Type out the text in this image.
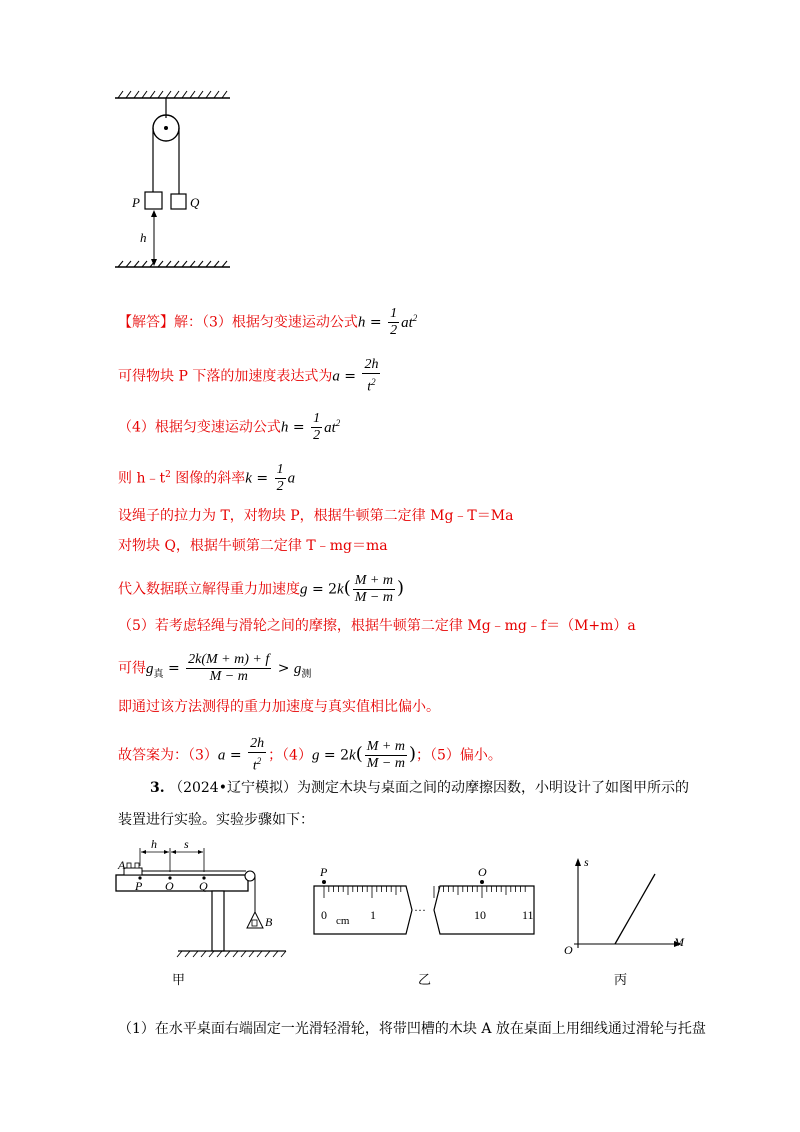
P	Q
h
【解答】解：（3）根据匀变速运动公式$h = \frac{1}{2} at^2$
可得物块 P 下落的加速度表达式为$a = \frac{2h}{t^2}$
（4）根据匀变速运动公式$h = \frac{1}{2} at^2$
则 $h﹣t^2$ 图像的斜率$k = \frac{1}{2}$ a
设绳子的拉力为 T，对物块 P，根据牛顿第二定律 Mg﹣T＝Ma
对物块 Q，根据牛顿第二定律 T﹣mg＝ma
代入数据联立解得重力加速度$g = 2k( \frac{M + m}{M - m}$ )
（5）若考虑轻绳与滑轮之间的摩擦，根据牛顿第二定律 Mg﹣mg﹣f＝（M+m）a
可得$g_真 = \frac{2k(M + m) + f}{M - m} > g_测$
即通过该方法测得的重力加速度与真实值相比偏小。
故答案为：$(3)a = \frac{2h}{t^2}$ ；$(4)g = 2k( \frac{M + m}{M - m}$ )；（5）偏小。
3. （2024•辽宁模拟）为测定木块与桌面之间的动摩擦因数，小明设计了如图甲所示的
装置进行实验。实验步骤如下：
A
B
P O Q
h s
甲
P	O
0 cm 1	···	10	11
乙
s
O
M
丙
（1）在水平桌面右端固定一光滑轻滑轮，将带凹槽的木块 A 放在桌面上用细线通过滑轮与托盘
